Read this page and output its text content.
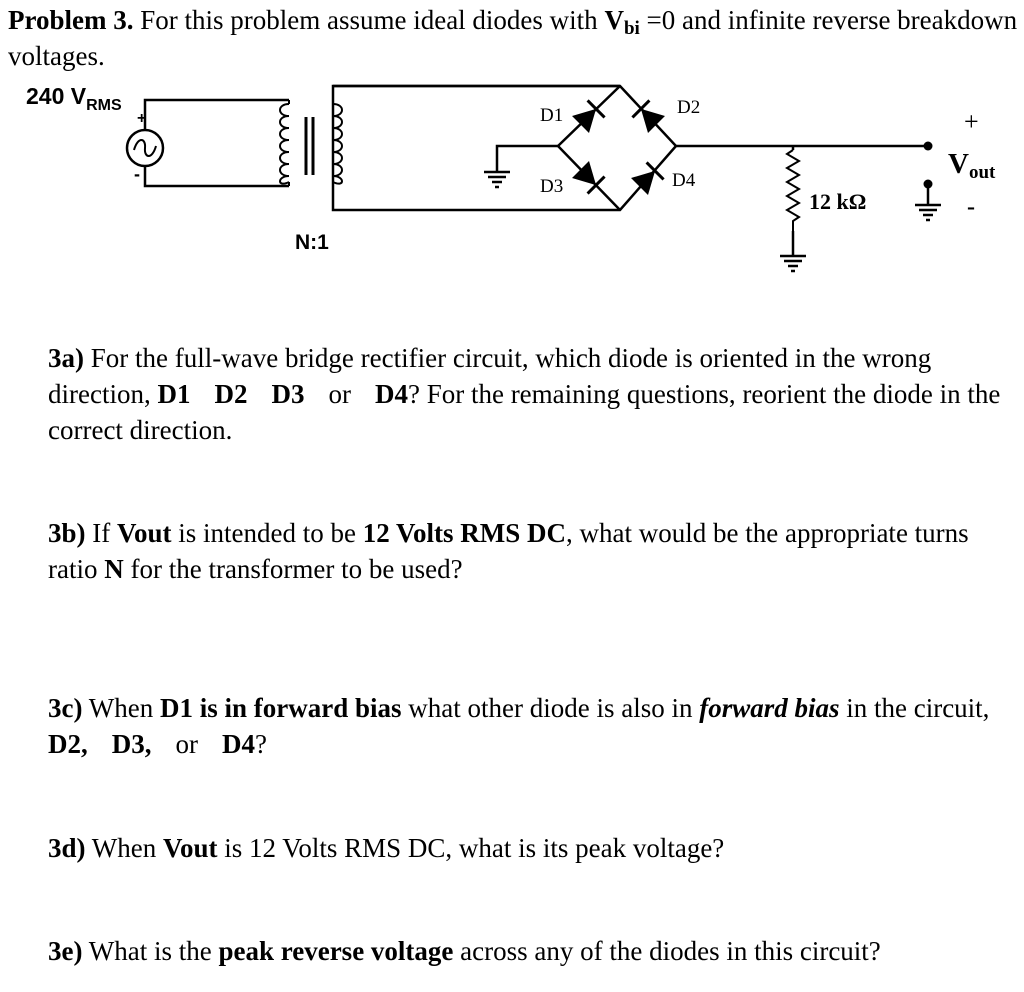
Problem 3. For this problem assume ideal diodes with $V_{bi} =0$ and infinite reverse breakdown voltages.
240 $V_{RMS}$
+
-
N:1
D1	D2
D3	D4
12 kΩ
+
Vout
-
3a) For the full-wave bridge rectifier circuit, which diode is oriented in the wrong direction, D1 D2 D3 or D4? For the remaining questions, reorient the diode in the correct direction.
3b) If Vout is intended to be 12 Volts RMS DC, what would be the appropriate turns ratio N for the transformer to be used?
3c) When D1 is in forward bias what other diode is also in forward bias in the circuit, D2, D3, or D4?
3d) When Vout is 12 Volts RMS DC, what is its peak voltage?
3e) What is the peak reverse voltage across any of the diodes in this circuit?
